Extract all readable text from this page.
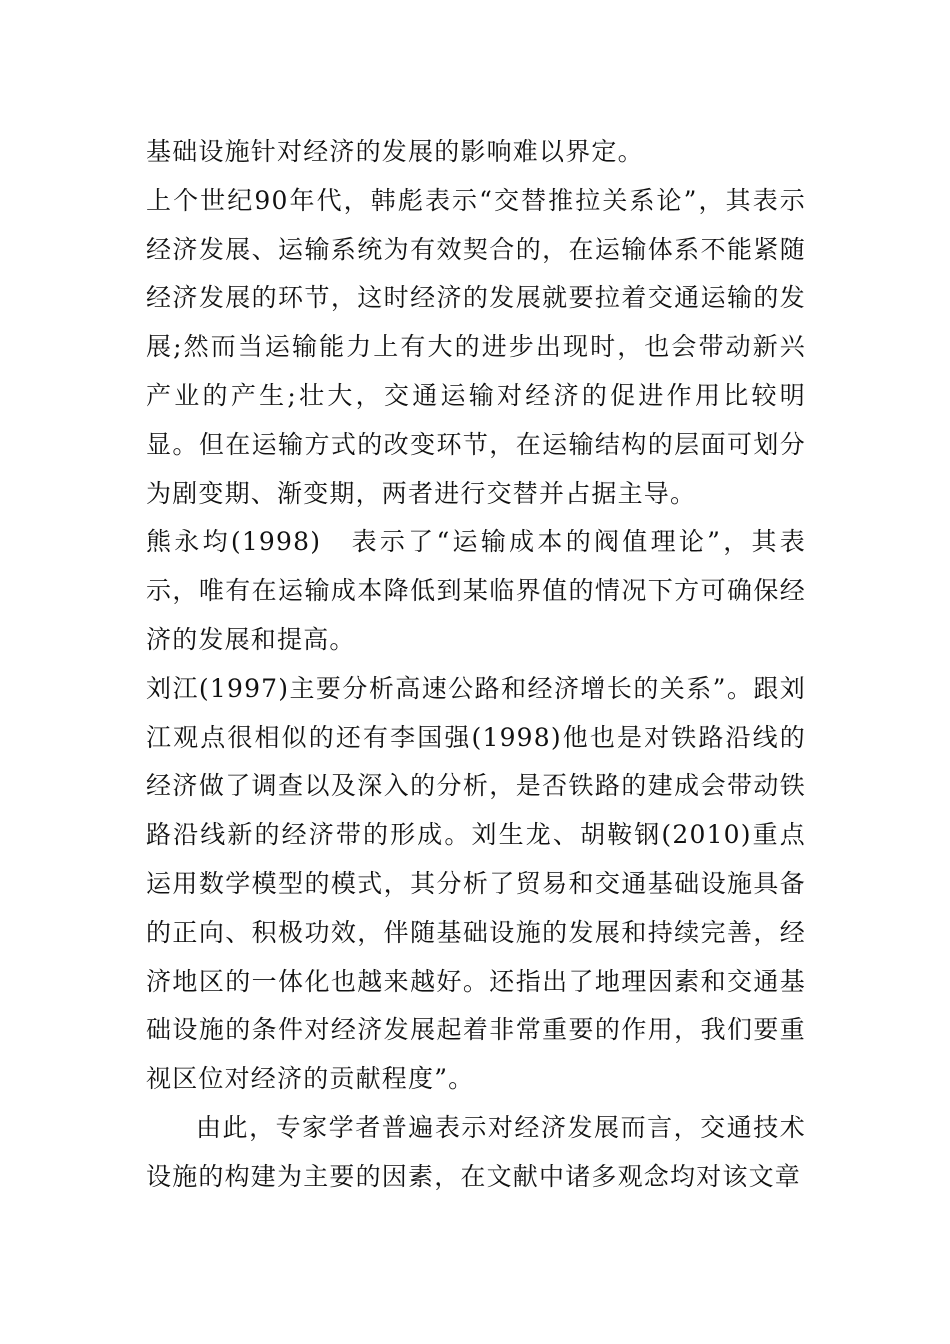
基础设施针对经济的发展的影响难以界定。

上个世纪90年代，韩彪表示“交替推拉关系论”，其表示经济发展、运输系统为有效契合的，在运输体系不能紧随经济发展的环节，这时经济的发展就要拉着交通运输的发展;然而当运输能力上有大的进步出现时，也会带动新兴产业的产生;壮大，交通运输对经济的促进作用比较明显。但在运输方式的改变环节，在运输结构的层面可划分为剧变期、渐变期，两者进行交替并占据主导。

熊永均(1998)　表示了“运输成本的阀值理论”，其表示，唯有在运输成本降低到某临界值的情况下方可确保经济的发展和提高。

刘江(1997)主要分析高速公路和经济增长的关系”。跟刘江观点很相似的还有李国强(1998)他也是对铁路沿线的经济做了调查以及深入的分析，是否铁路的建成会带动铁路沿线新的经济带的形成。刘生龙、胡鞍钢(2010)重点运用数学模型的模式，其分析了贸易和交通基础设施具备的正向、积极功效，伴随基础设施的发展和持续完善，经济地区的一体化也越来越好。还指出了地理因素和交通基础设施的条件对经济发展起着非常重要的作用，我们要重视区位对经济的贡献程度”。

由此，专家学者普遍表示对经济发展而言，交通技术设施的构建为主要的因素，在文献中诸多观念均对该文章
